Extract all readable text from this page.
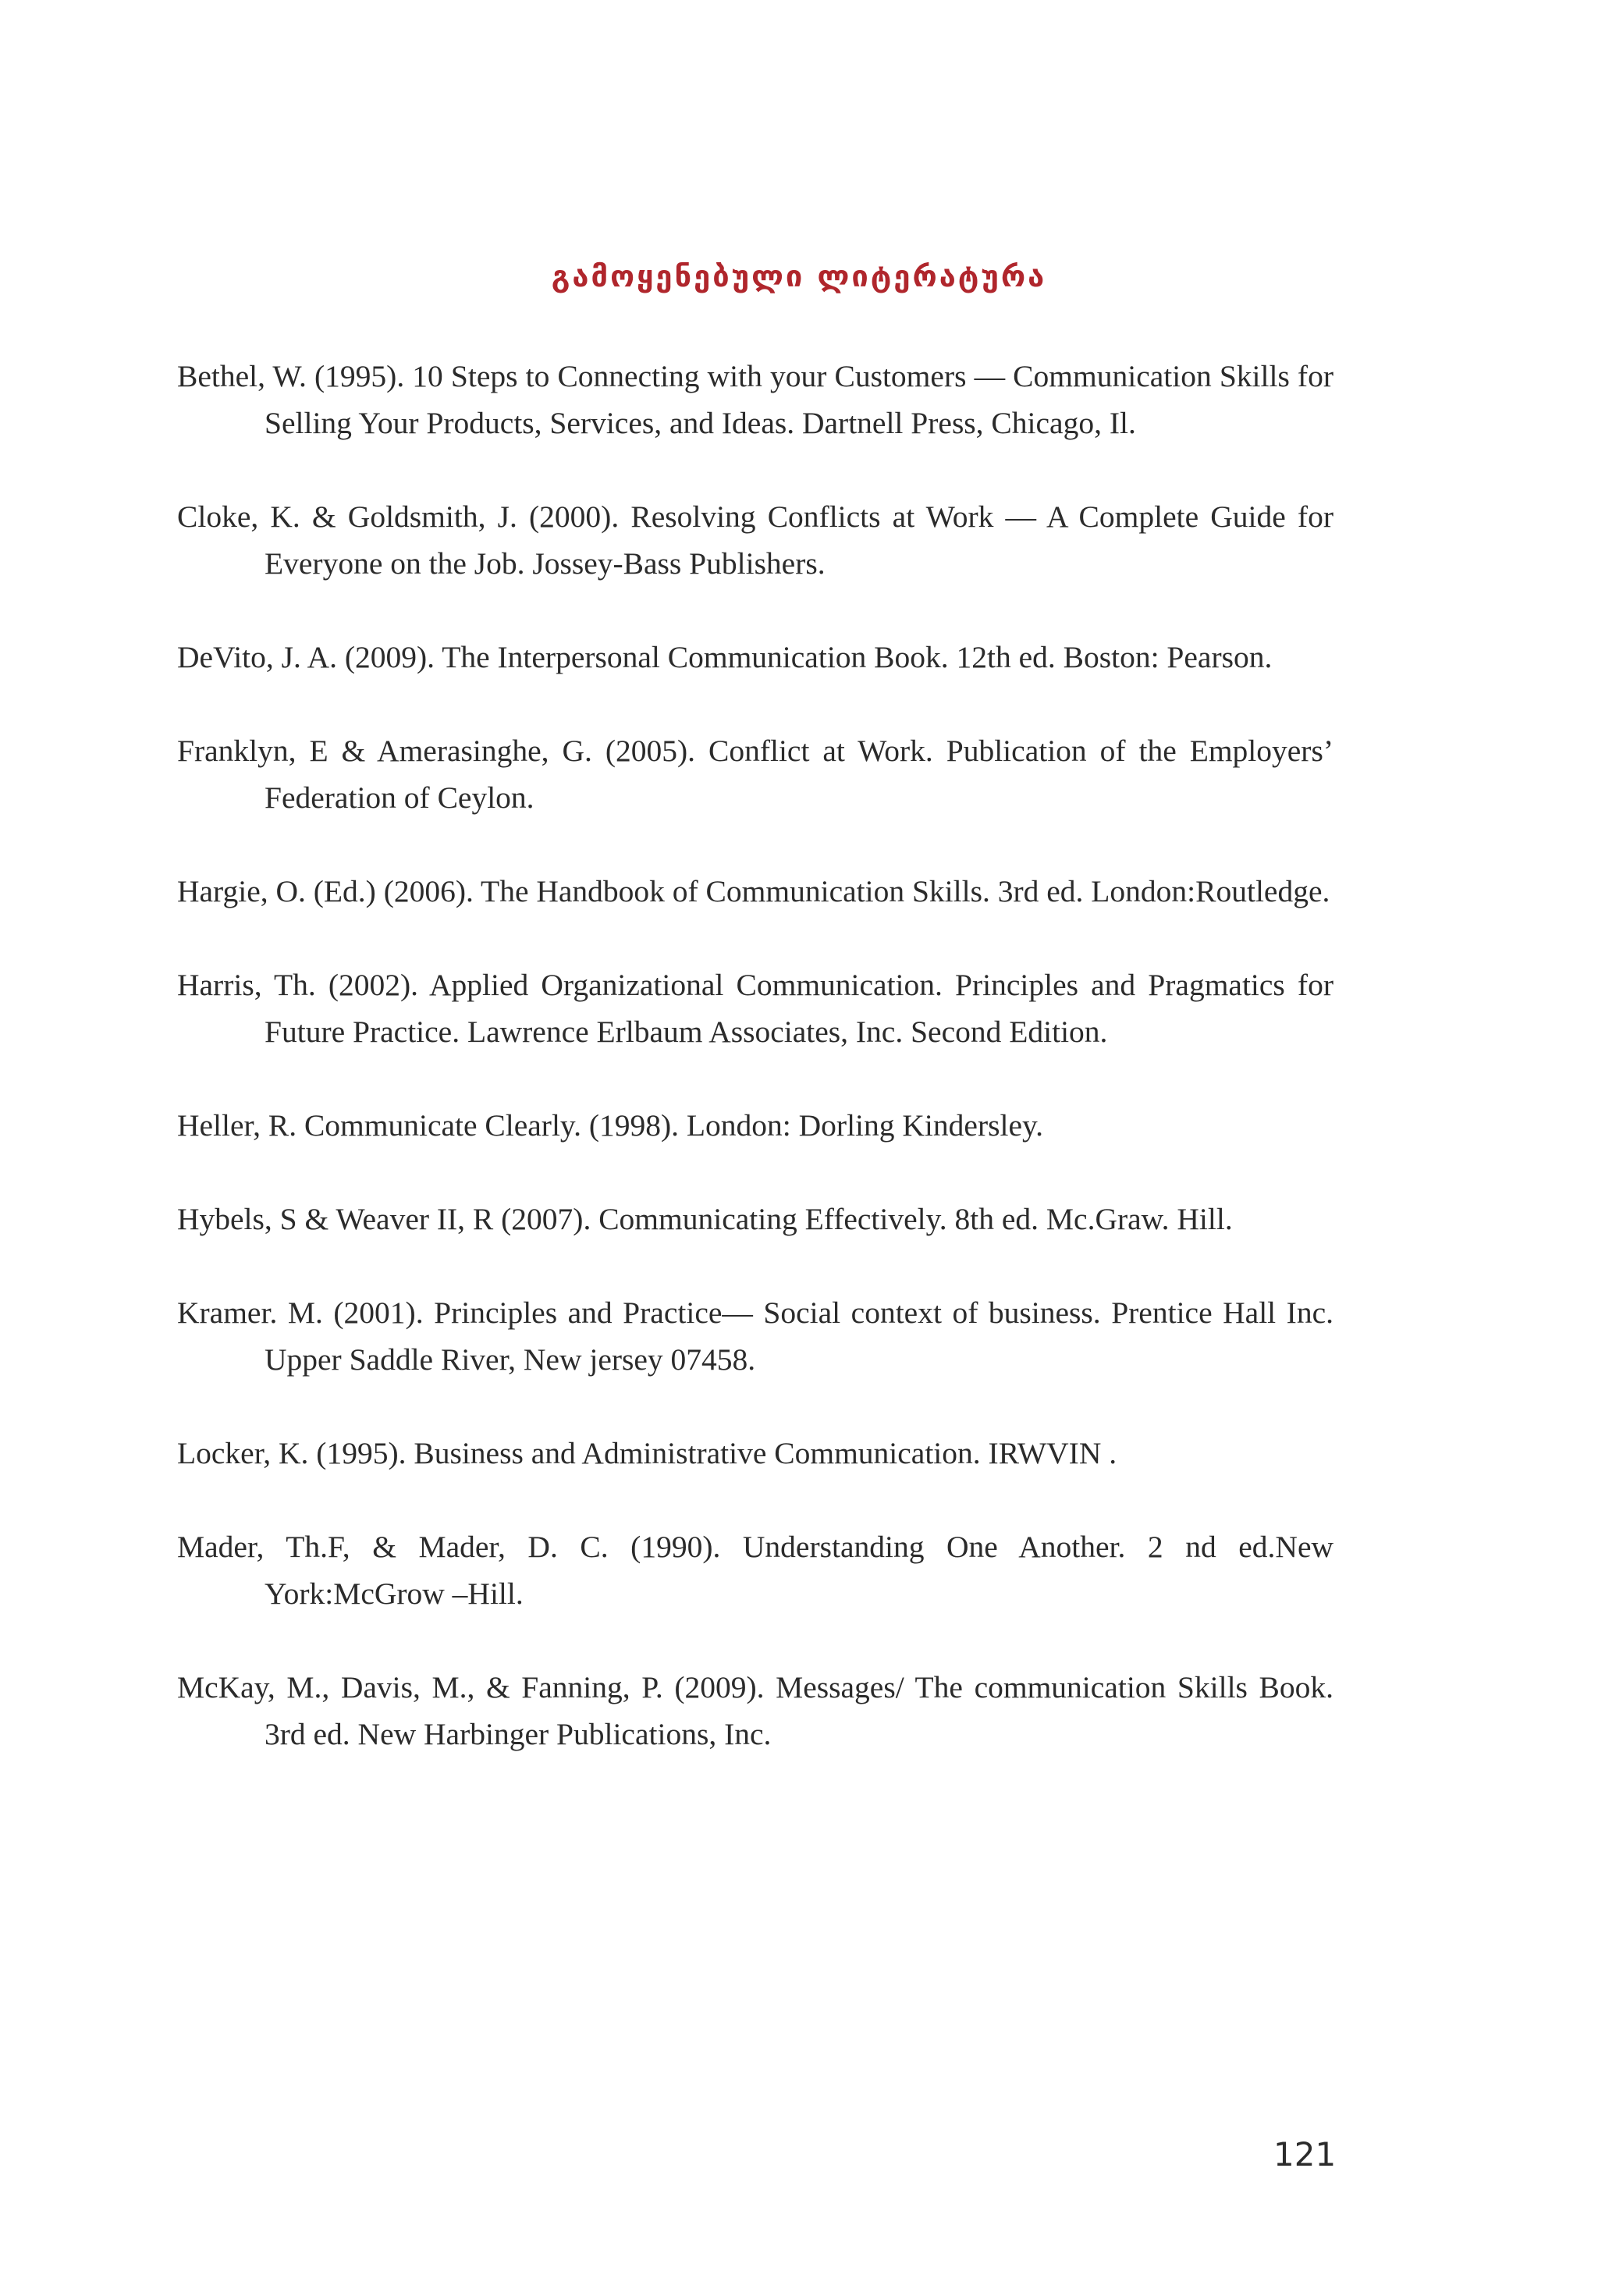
გამოყენებული ლიტერატურა
Bethel, W. (1995). 10 Steps to Connecting with your Customers — Communication Skills for Selling Your Products, Services, and Ideas. Dartnell Press, Chicago, Il.
Cloke, K. & Goldsmith, J. (2000). Resolving Conflicts at Work — A Complete Guide for Everyone on the Job. Jossey-Bass Publishers.
DeVito, J. A. (2009). The Interpersonal Communication Book. 12th ed. Boston: Pearson.
Franklyn, E & Amerasinghe, G. (2005). Conflict at Work. Publication of the Employers’ Federation of Ceylon.
Hargie, O. (Ed.) (2006). The Handbook of Communication Skills. 3rd ed. London:Routledge.
Harris, Th. (2002). Applied Organizational Communication. Principles and Pragmatics for Future Practice. Lawrence Erlbaum Associates, Inc. Second Edition.
Heller, R. Communicate Clearly. (1998). London: Dorling Kindersley.
Hybels, S & Weaver II, R (2007). Communicating Effectively. 8th ed. Mc.Graw. Hill.
Kramer. M. (2001). Principles and Practice— Social context of business. Prentice Hall Inc. Upper Saddle River, New jersey 07458.
Locker, K. (1995). Business and Administrative Communication. IRWVIN .
Mader, Th.F, & Mader, D. C. (1990). Understanding One Another. 2 nd ed.New York:McGrow –Hill.
McKay, M., Davis, M., & Fanning, P. (2009). Messages/ The communication Skills Book. 3rd ed. New Harbinger Publications, Inc.
121
